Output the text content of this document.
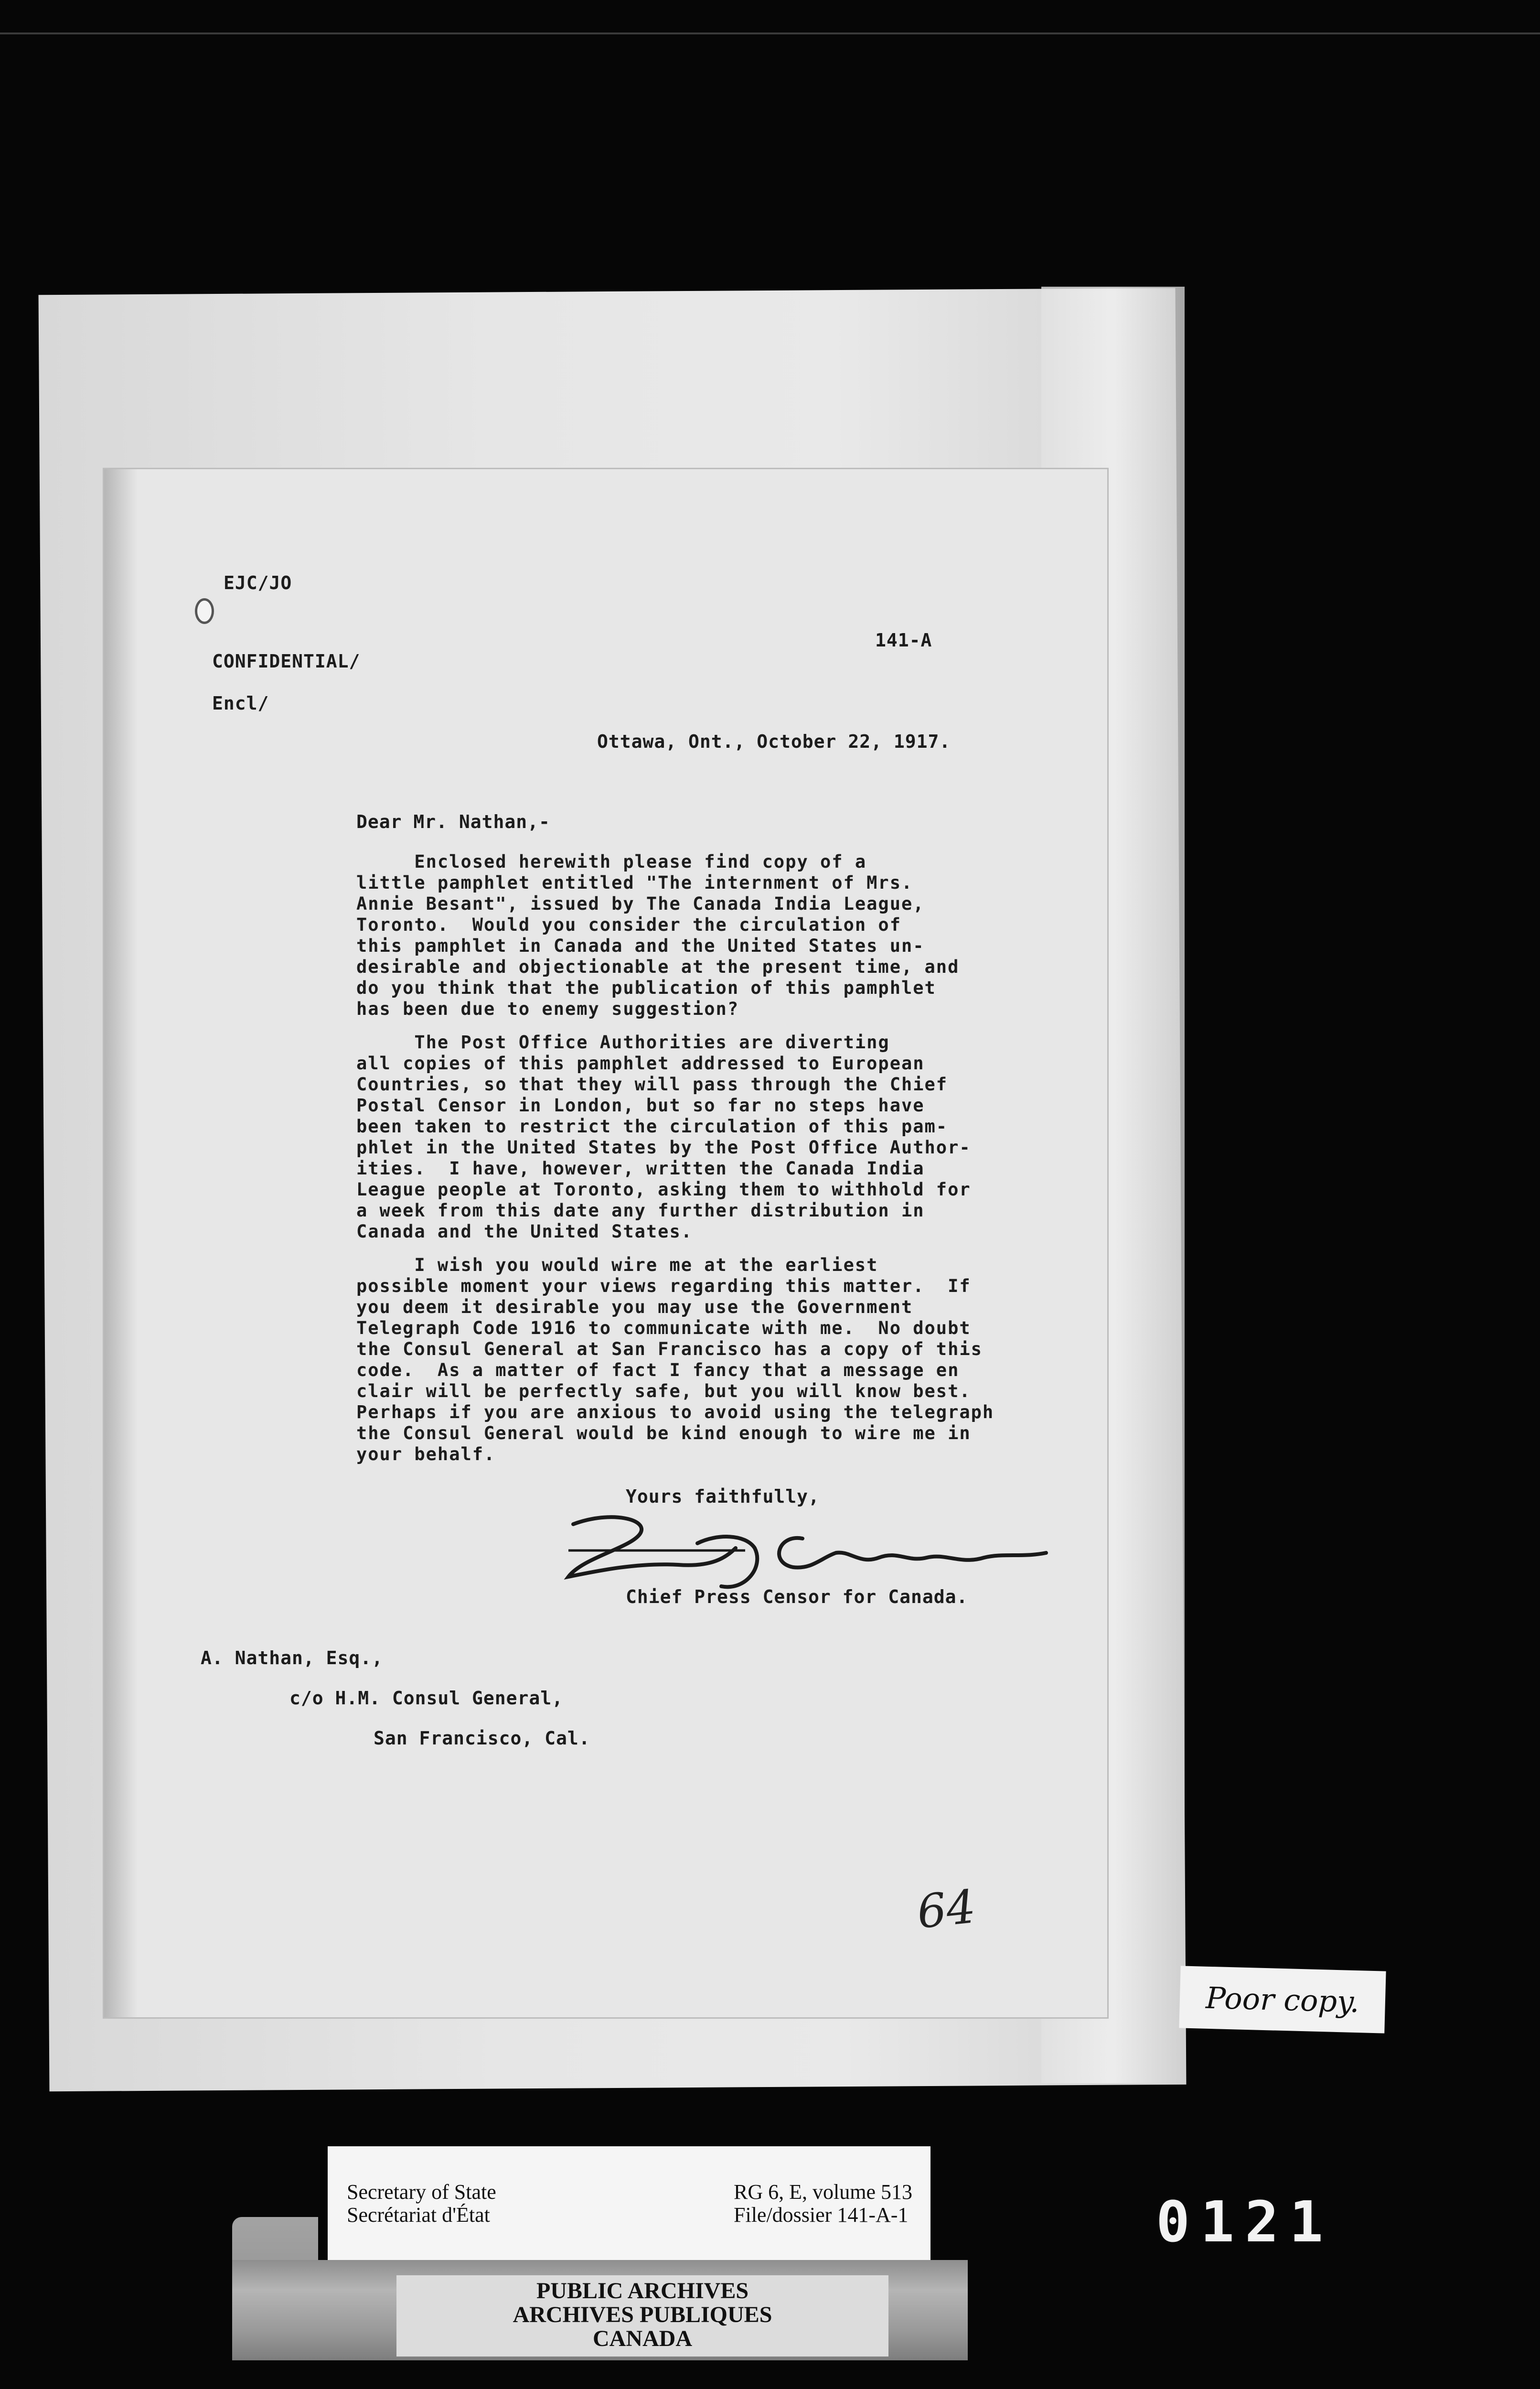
EJC/JO
141-A
CONFIDENTIAL/
Encl/
Ottawa, Ont., October 22, 1917.
Dear Mr. Nathan,-
Enclosed herewith please find copy of a
little pamphlet entitled "The internment of Mrs.
Annie Besant", issued by The Canada India League,
Toronto.  Would you consider the circulation of
this pamphlet in Canada and the United States un-
desirable and objectionable at the present time, and
do you think that the publication of this pamphlet
has been due to enemy suggestion?
The Post Office Authorities are diverting
all copies of this pamphlet addressed to European
Countries, so that they will pass through the Chief
Postal Censor in London, but so far no steps have
been taken to restrict the circulation of this pam-
phlet in the United States by the Post Office Author-
ities.  I have, however, written the Canada India
League people at Toronto, asking them to withhold for
a week from this date any further distribution in
Canada and the United States.
I wish you would wire me at the earliest
possible moment your views regarding this matter.  If
you deem it desirable you may use the Government
Telegraph Code 1916 to communicate with me.  No doubt
the Consul General at San Francisco has a copy of this
code.  As a matter of fact I fancy that a message en
clair will be perfectly safe, but you will know best.
Perhaps if you are anxious to avoid using the telegraph
the Consul General would be kind enough to wire me in
your behalf.
Yours faithfully,
Chief Press Censor for Canada.
A. Nathan, Esq.,
c/o H.M. Consul General,
San Francisco, Cal.
64
Poor copy.
Secretary of State
Secrétariat d'État
RG 6, E, volume 513
File/dossier 141-A-1
PUBLIC ARCHIVES
ARCHIVES PUBLIQUES
CANADA
0121
